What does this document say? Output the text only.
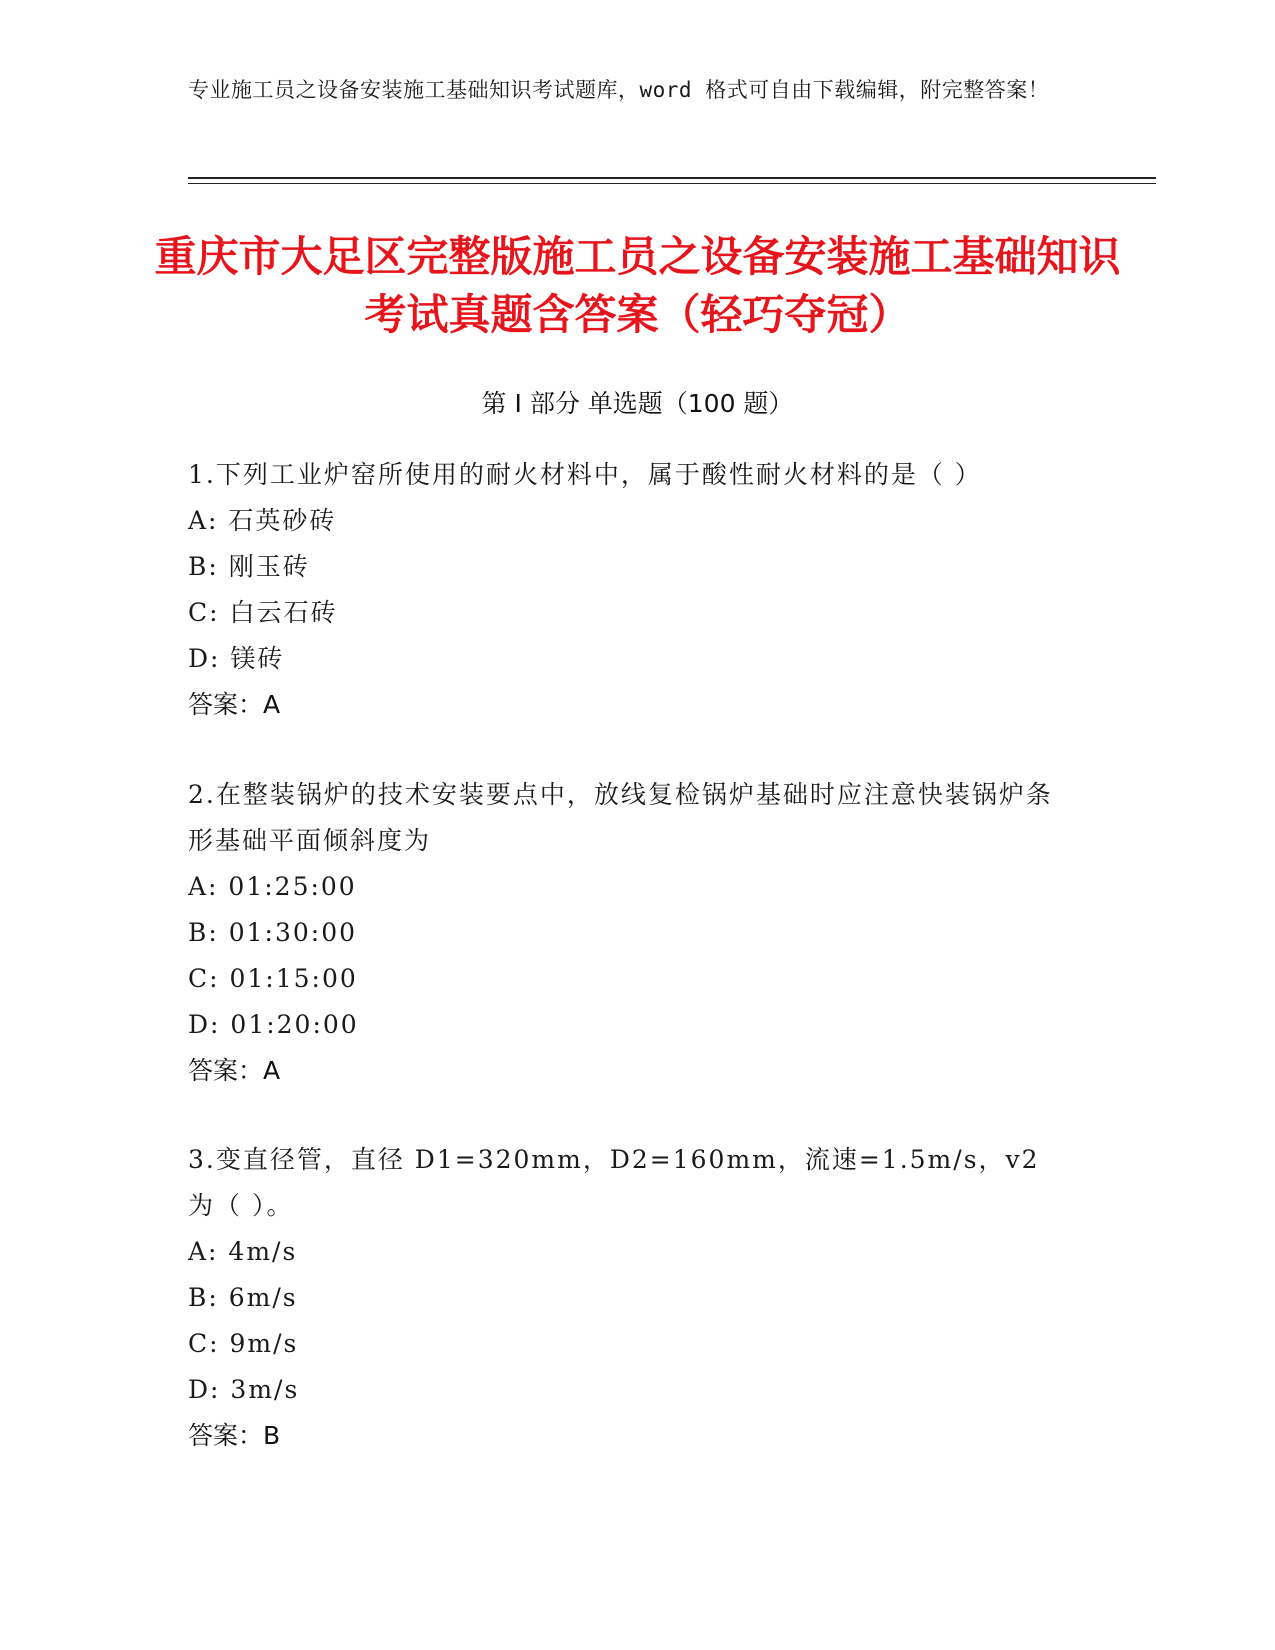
专业施工员之设备安装施工基础知识考试题库，word 格式可自由下载编辑，附完整答案！
重庆市大足区完整版施工员之设备安装施工基础知识考试真题含答案（轻巧夺冠）
第 I 部分 单选题（100 题）

1.下列工业炉窑所使用的耐火材料中，属于酸性耐火材料的是（ ）

A: 石英砂砖

B: 刚玉砖

C: 白云石砖

D: 镁砖

答案：A

2.在整装锅炉的技术安装要点中，放线复检锅炉基础时应注意快装锅炉条形基础平面倾斜度为

A: 01:25:00

B: 01:30:00

C: 01:15:00

D: 01:20:00

答案：A

3.变直径管，直径 D1=320mm，D2=160mm，流速=1.5m/s，v2 为（ ）。

A: 4m/s

B: 6m/s

C: 9m/s

D: 3m/s

答案：B
